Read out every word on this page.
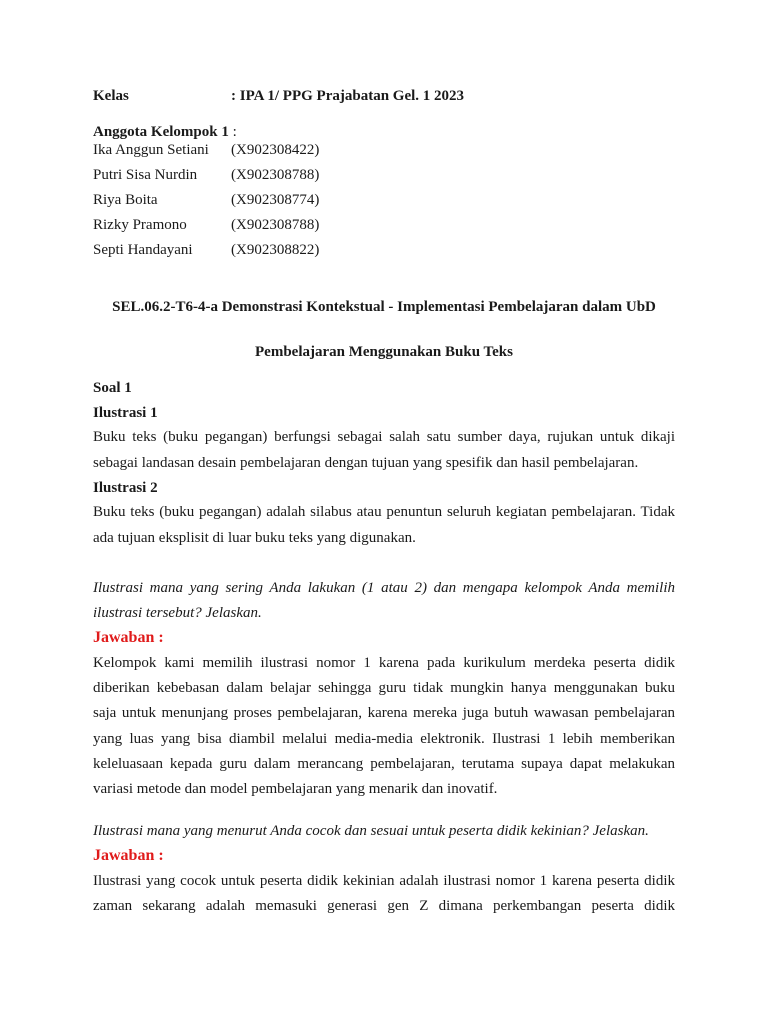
Kelas	: IPA 1/ PPG Prajabatan Gel. 1 2023
Anggota Kelompok 1 :
Ika Anggun Setiani (X902308422)
Putri Sisa Nurdin (X902308788)
Riya Boita	(X902308774)
Rizky Pramono	(X902308788)
Septi Handayani	(X902308822)
SEL.06.2-T6-4-a Demonstrasi Kontekstual - Implementasi Pembelajaran dalam UbD
Pembelajaran Menggunakan Buku Teks
Soal 1
Ilustrasi 1
Buku teks (buku pegangan) berfungsi sebagai salah satu sumber daya, rujukan untuk dikaji
sebagai landasan desain pembelajaran dengan tujuan yang spesifik dan hasil pembelajaran.
Ilustrasi 2
Buku teks (buku pegangan) adalah silabus atau penuntun seluruh kegiatan pembelajaran. Tidak
ada tujuan eksplisit di luar buku teks yang digunakan.
Ilustrasi mana yang sering Anda lakukan (1 atau 2) dan mengapa kelompok Anda memilih
ilustrasi tersebut? Jelaskan.
Jawaban :
Kelompok kami memilih ilustrasi nomor 1 karena pada kurikulum merdeka peserta didik
diberikan kebebasan dalam belajar sehingga guru tidak mungkin hanya menggunakan buku
saja untuk menunjang proses pembelajaran, karena mereka juga butuh wawasan pembelajaran
yang luas yang bisa diambil melalui media-media elektronik. Ilustrasi 1 lebih memberikan
keleluasaan kepada guru dalam merancang pembelajaran, terutama supaya dapat melakukan
variasi metode dan model pembelajaran yang menarik dan inovatif.
Ilustrasi mana yang menurut Anda cocok dan sesuai untuk peserta didik kekinian? Jelaskan.
Jawaban :
Ilustrasi yang cocok untuk peserta didik kekinian adalah ilustrasi nomor 1 karena peserta didik
zaman sekarang adalah memasuki generasi gen Z dimana perkembangan peserta didik
